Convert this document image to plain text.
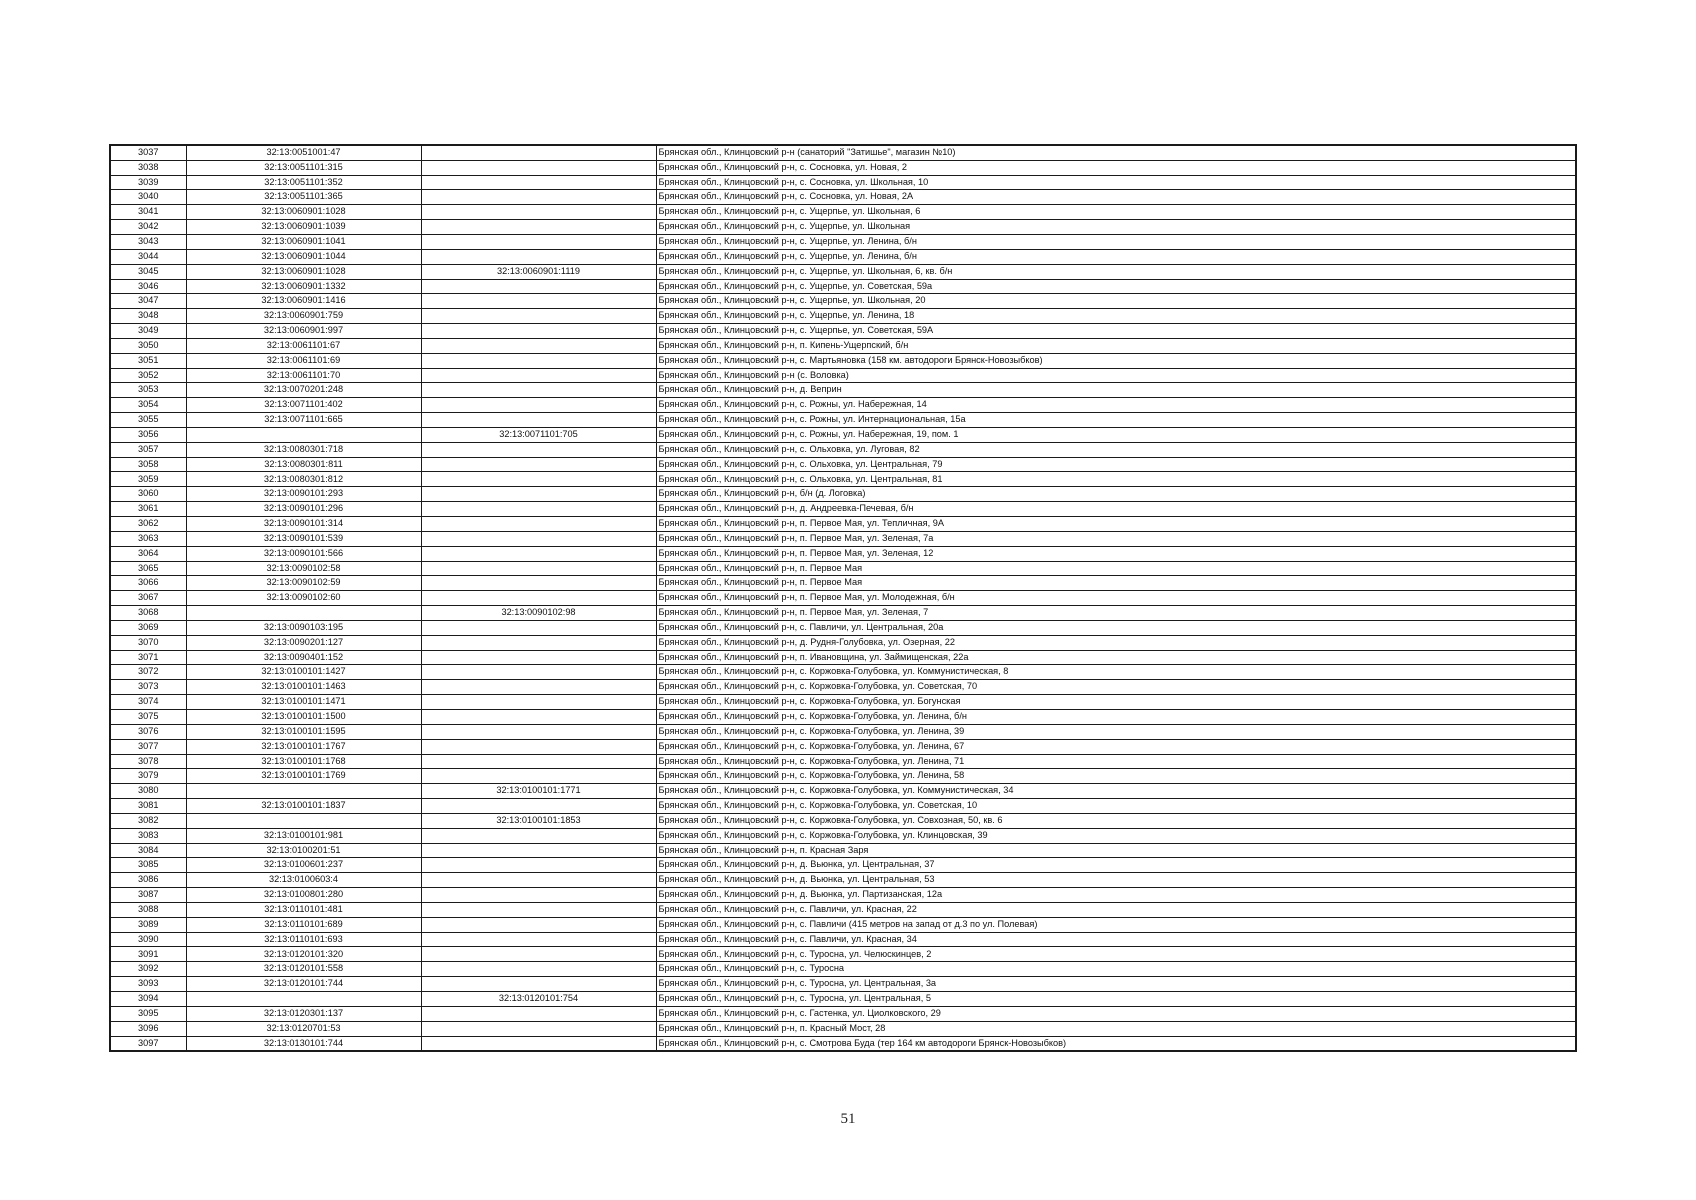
3037	32:13:0051001:47		Брянская обл., Клинцовский р-н (санаторий "Затишье", магазин №10)
3038	32:13:0051101:315		Брянская обл., Клинцовский р-н, с. Сосновка, ул. Новая, 2
3039	32:13:0051101:352		Брянская обл., Клинцовский р-н, с. Сосновка, ул. Школьная, 10
3040	32:13:0051101:365		Брянская обл., Клинцовский р-н, с. Сосновка, ул. Новая, 2А
3041	32:13:0060901:1028		Брянская обл., Клинцовский р-н, с. Ущерпье, ул. Школьная, 6
3042	32:13:0060901:1039		Брянская обл., Клинцовский р-н, с. Ущерпье, ул. Школьная
3043	32:13:0060901:1041		Брянская обл., Клинцовский р-н, с. Ущерпье, ул. Ленина, б/н
3044	32:13:0060901:1044		Брянская обл., Клинцовский р-н, с. Ущерпье, ул. Ленина, б/н
3045	32:13:0060901:1028	32:13:0060901:1119	Брянская обл., Клинцовский р-н, с. Ущерпье, ул. Школьная, 6, кв. б/н
3046	32:13:0060901:1332		Брянская обл., Клинцовский р-н, с. Ущерпье, ул. Советская, 59а
3047	32:13:0060901:1416		Брянская обл., Клинцовский р-н, с. Ущерпье, ул. Школьная, 20
3048	32:13:0060901:759		Брянская обл., Клинцовский р-н, с. Ущерпье, ул. Ленина, 18
3049	32:13:0060901:997		Брянская обл., Клинцовский р-н, с. Ущерпье, ул. Советская, 59А
3050	32:13:0061101:67		Брянская обл., Клинцовский р-н, п. Кипень-Ущерпский, б/н
3051	32:13:0061101:69		Брянская обл., Клинцовский р-н, с. Мартьяновка (158 км. автодороги Брянск-Новозыбков)
3052	32:13:0061101:70		Брянская обл., Клинцовский р-н (с. Воловка)
3053	32:13:0070201:248		Брянская обл., Клинцовский р-н, д. Веприн
3054	32:13:0071101:402		Брянская обл., Клинцовский р-н, с. Рожны, ул. Набережная, 14
3055	32:13:0071101:665		Брянская обл., Клинцовский р-н, с. Рожны, ул. Интернациональная, 15а
3056		32:13:0071101:705	Брянская обл., Клинцовский р-н, с. Рожны, ул. Набережная, 19, пом. 1
3057	32:13:0080301:718		Брянская обл., Клинцовский р-н, с. Ольховка, ул. Луговая, 82
3058	32:13:0080301:811		Брянская обл., Клинцовский р-н, с. Ольховка, ул. Центральная, 79
3059	32:13:0080301:812		Брянская обл., Клинцовский р-н, с. Ольховка, ул. Центральная, 81
3060	32:13:0090101:293		Брянская обл., Клинцовский р-н, б/н (д. Логовка)
3061	32:13:0090101:296		Брянская обл., Клинцовский р-н, д. Андреевка-Печевая, б/н
3062	32:13:0090101:314		Брянская обл., Клинцовский р-н, п. Первое Мая, ул. Тепличная, 9А
3063	32:13:0090101:539		Брянская обл., Клинцовский р-н, п. Первое Мая, ул. Зеленая, 7а
3064	32:13:0090101:566		Брянская обл., Клинцовский р-н, п. Первое Мая, ул. Зеленая, 12
3065	32:13:0090102:58		Брянская обл., Клинцовский р-н, п. Первое Мая
3066	32:13:0090102:59		Брянская обл., Клинцовский р-н, п. Первое Мая
3067	32:13:0090102:60		Брянская обл., Клинцовский р-н, п. Первое Мая, ул. Молодежная, б/н
3068		32:13:0090102:98	Брянская обл., Клинцовский р-н, п. Первое Мая, ул. Зеленая, 7
3069	32:13:0090103:195		Брянская обл., Клинцовский р-н, с. Павличи, ул. Центральная, 20а
3070	32:13:0090201:127		Брянская обл., Клинцовский р-н, д. Рудня-Голубовка, ул. Озерная, 22
3071	32:13:0090401:152		Брянская обл., Клинцовский р-н, п. Ивановщина, ул. Займищенская, 22а
3072	32:13:0100101:1427		Брянская обл., Клинцовский р-н, с. Коржовка-Голубовка, ул. Коммунистическая, 8
3073	32:13:0100101:1463		Брянская обл., Клинцовский р-н, с. Коржовка-Голубовка, ул. Советская, 70
3074	32:13:0100101:1471		Брянская обл., Клинцовский р-н, с. Коржовка-Голубовка, ул. Богунская
3075	32:13:0100101:1500		Брянская обл., Клинцовский р-н, с. Коржовка-Голубовка, ул. Ленина, б/н
3076	32:13:0100101:1595		Брянская обл., Клинцовский р-н, с. Коржовка-Голубовка, ул. Ленина, 39
3077	32:13:0100101:1767		Брянская обл., Клинцовский р-н, с. Коржовка-Голубовка, ул. Ленина, 67
3078	32:13:0100101:1768		Брянская обл., Клинцовский р-н, с. Коржовка-Голубовка, ул. Ленина, 71
3079	32:13:0100101:1769		Брянская обл., Клинцовский р-н, с. Коржовка-Голубовка, ул. Ленина, 58
3080		32:13:0100101:1771	Брянская обл., Клинцовский р-н, с. Коржовка-Голубовка, ул. Коммунистическая, 34
3081	32:13:0100101:1837		Брянская обл., Клинцовский р-н, с. Коржовка-Голубовка, ул. Советская, 10
3082		32:13:0100101:1853	Брянская обл., Клинцовский р-н, с. Коржовка-Голубовка, ул. Совхозная, 50, кв. 6
3083	32:13:0100101:981		Брянская обл., Клинцовский р-н, с. Коржовка-Голубовка, ул. Клинцовская, 39
3084	32:13:0100201:51		Брянская обл., Клинцовский р-н, п. Красная Заря
3085	32:13:0100601:237		Брянская обл., Клинцовский р-н, д. Вьюнка, ул. Центральная, 37
3086	32:13:0100603:4		Брянская обл., Клинцовский р-н, д. Вьюнка, ул. Центральная, 53
3087	32:13:0100801:280		Брянская обл., Клинцовский р-н, д. Вьюнка, ул. Партизанская, 12а
3088	32:13:0110101:481		Брянская обл., Клинцовский р-н, с. Павличи, ул. Красная, 22
3089	32:13:0110101:689		Брянская обл., Клинцовский р-н, с. Павличи (415 метров на запад от д.3 по ул. Полевая)
3090	32:13:0110101:693		Брянская обл., Клинцовский р-н, с. Павличи, ул. Красная, 34
3091	32:13:0120101:320		Брянская обл., Клинцовский р-н, с. Туросна, ул. Челюскинцев, 2
3092	32:13:0120101:558		Брянская обл., Клинцовский р-н, с. Туросна
3093	32:13:0120101:744		Брянская обл., Клинцовский р-н, с. Туросна, ул. Центральная, 3а
3094		32:13:0120101:754	Брянская обл., Клинцовский р-н, с. Туросна, ул. Центральная, 5
3095	32:13:0120301:137		Брянская обл., Клинцовский р-н, с. Гастенка, ул. Циолковского, 29
3096	32:13:0120701:53		Брянская обл., Клинцовский р-н, п. Красный Мост, 28
3097	32:13:0130101:744		Брянская обл., Клинцовский р-н, с. Смотрова Буда (тер 164 км автодороги Брянск-Новозыбков)
51
